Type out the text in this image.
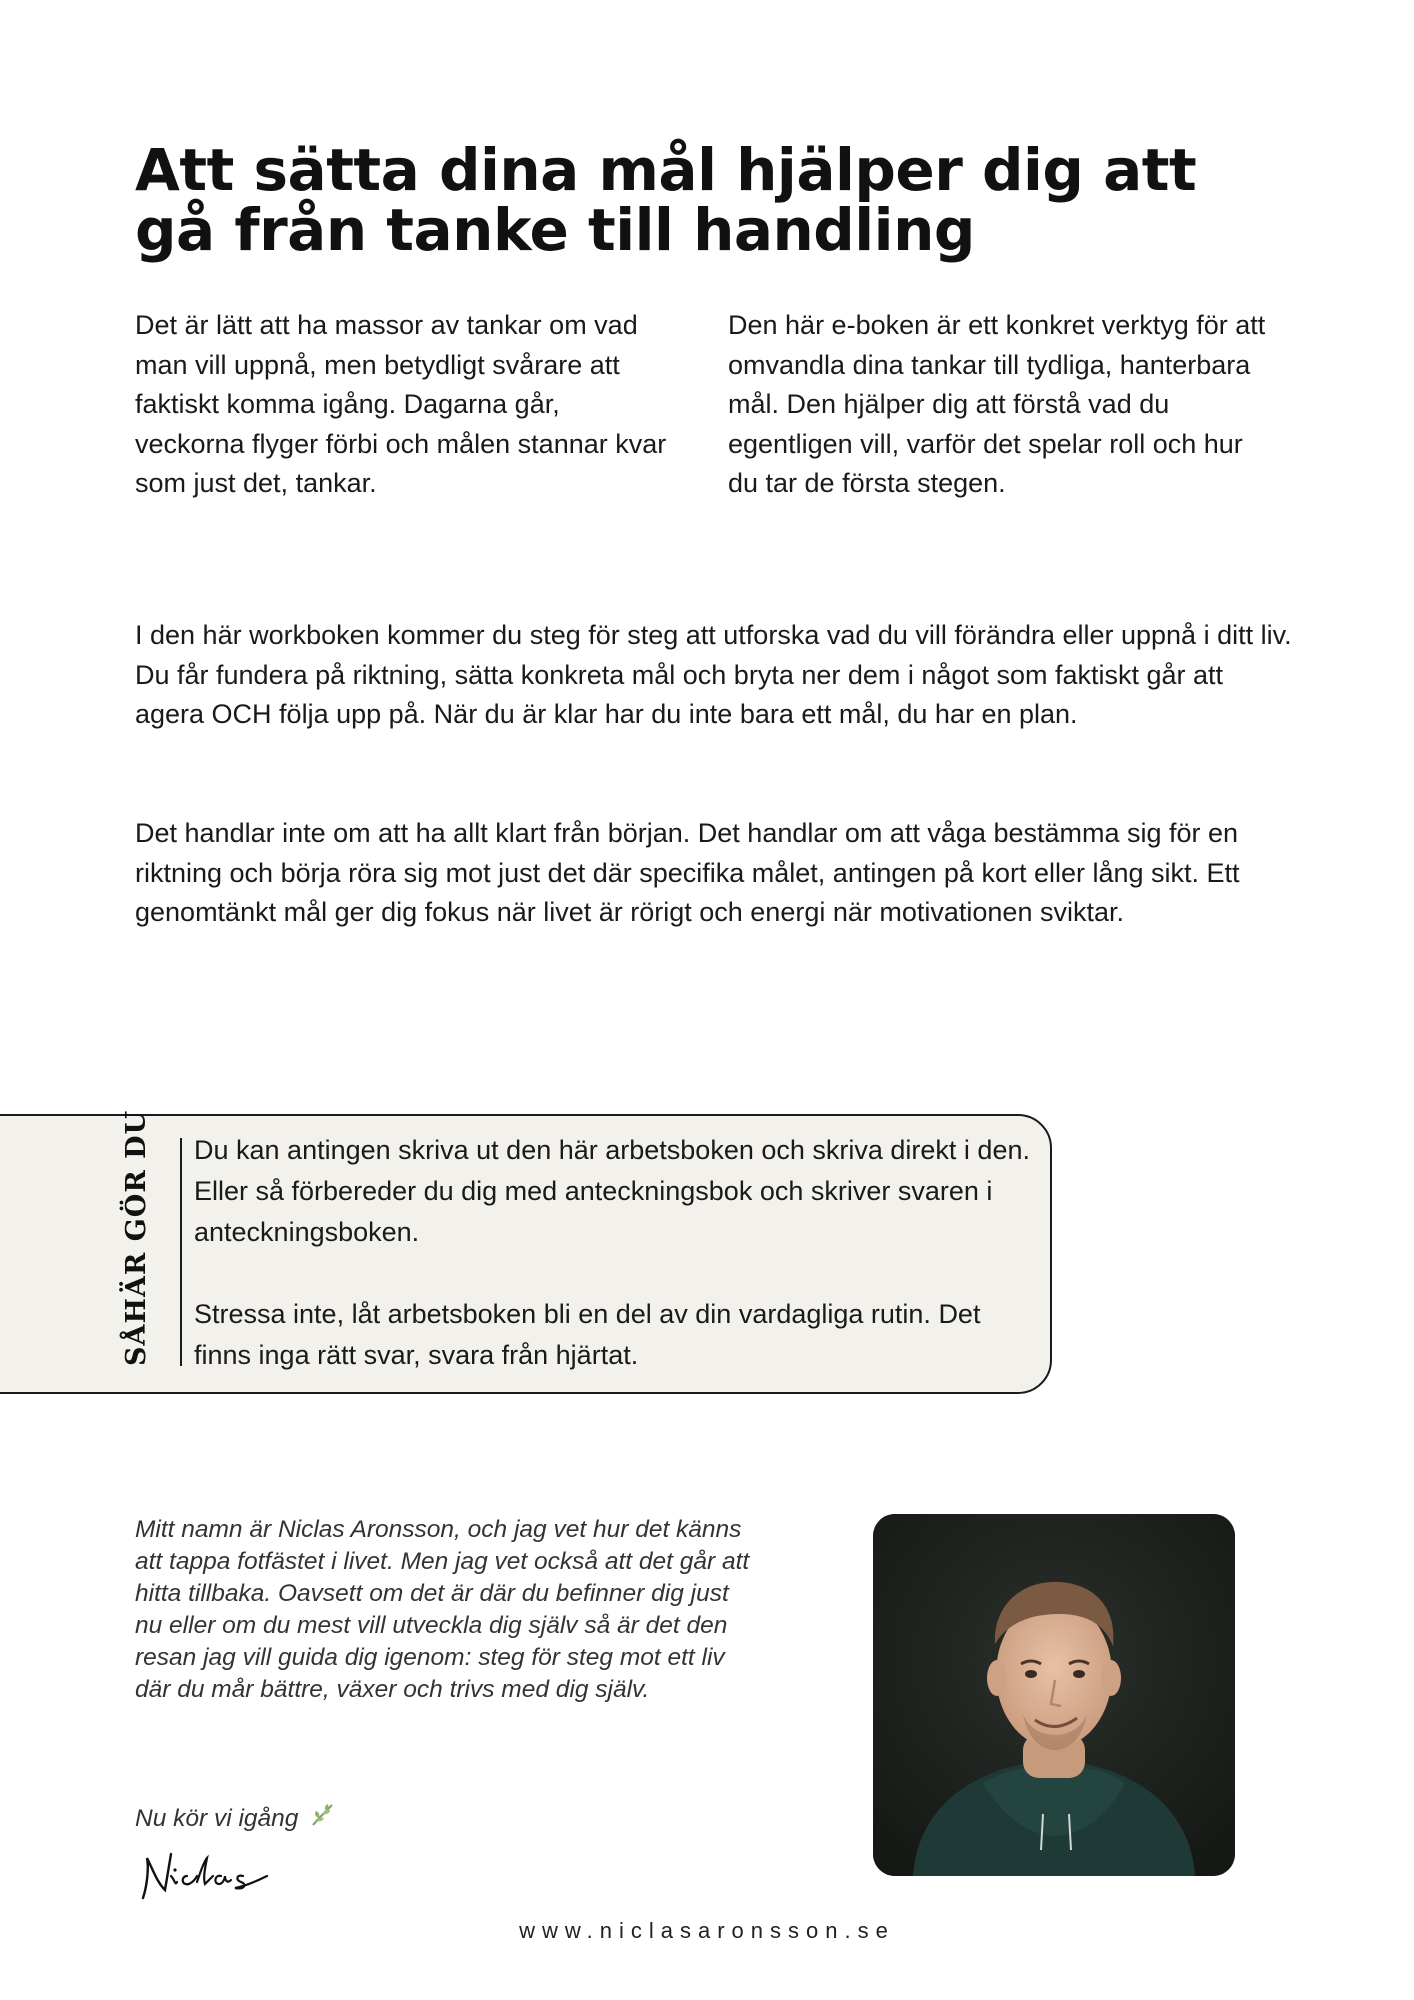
Att sätta dina mål hjälper dig att gå från tanke till handling

Det är lätt att ha massor av tankar om vad man vill uppnå, men betydligt svårare att faktiskt komma igång. Dagarna går, veckorna flyger förbi och målen stannar kvar som just det, tankar.

Den här e-boken är ett konkret verktyg för att omvandla dina tankar till tydliga, hanterbara mål. Den hjälper dig att förstå vad du egentligen vill, varför det spelar roll och hur du tar de första stegen.

I den här workboken kommer du steg för steg att utforska vad du vill förändra eller uppnå i ditt liv. Du får fundera på riktning, sätta konkreta mål och bryta ner dem i något som faktiskt går att agera OCH följa upp på. När du är klar har du inte bara ett mål, du har en plan.

Det handlar inte om att ha allt klart från början. Det handlar om att våga bestämma sig för en riktning och börja röra sig mot just det där specifika målet, antingen på kort eller lång sikt. Ett genomtänkt mål ger dig fokus när livet är rörigt och energi när motivationen sviktar.

SÅHÄR GÖR DU Du kan antingen skriva ut den här arbetsboken och skriva direkt i den. Eller så förbereder du dig med anteckningsbok och skriver svaren i anteckningsboken.
Stressa inte, låt arbetsboken bli en del av din vardagliga rutin. Det finns inga rätt svar, svara från hjärtat.

Mitt namn är Niclas Aronsson, och jag vet hur det känns att tappa fotfästet i livet. Men jag vet också att det går att hitta tillbaka. Oavsett om det är där du befinner dig just nu eller om du mest vill utveckla dig själv så är det den resan jag vill guida dig igenom: steg för steg mot ett liv där du mår bättre, växer och trivs med dig själv.

Nu kör vi igång

www.niclasaronsson.se
